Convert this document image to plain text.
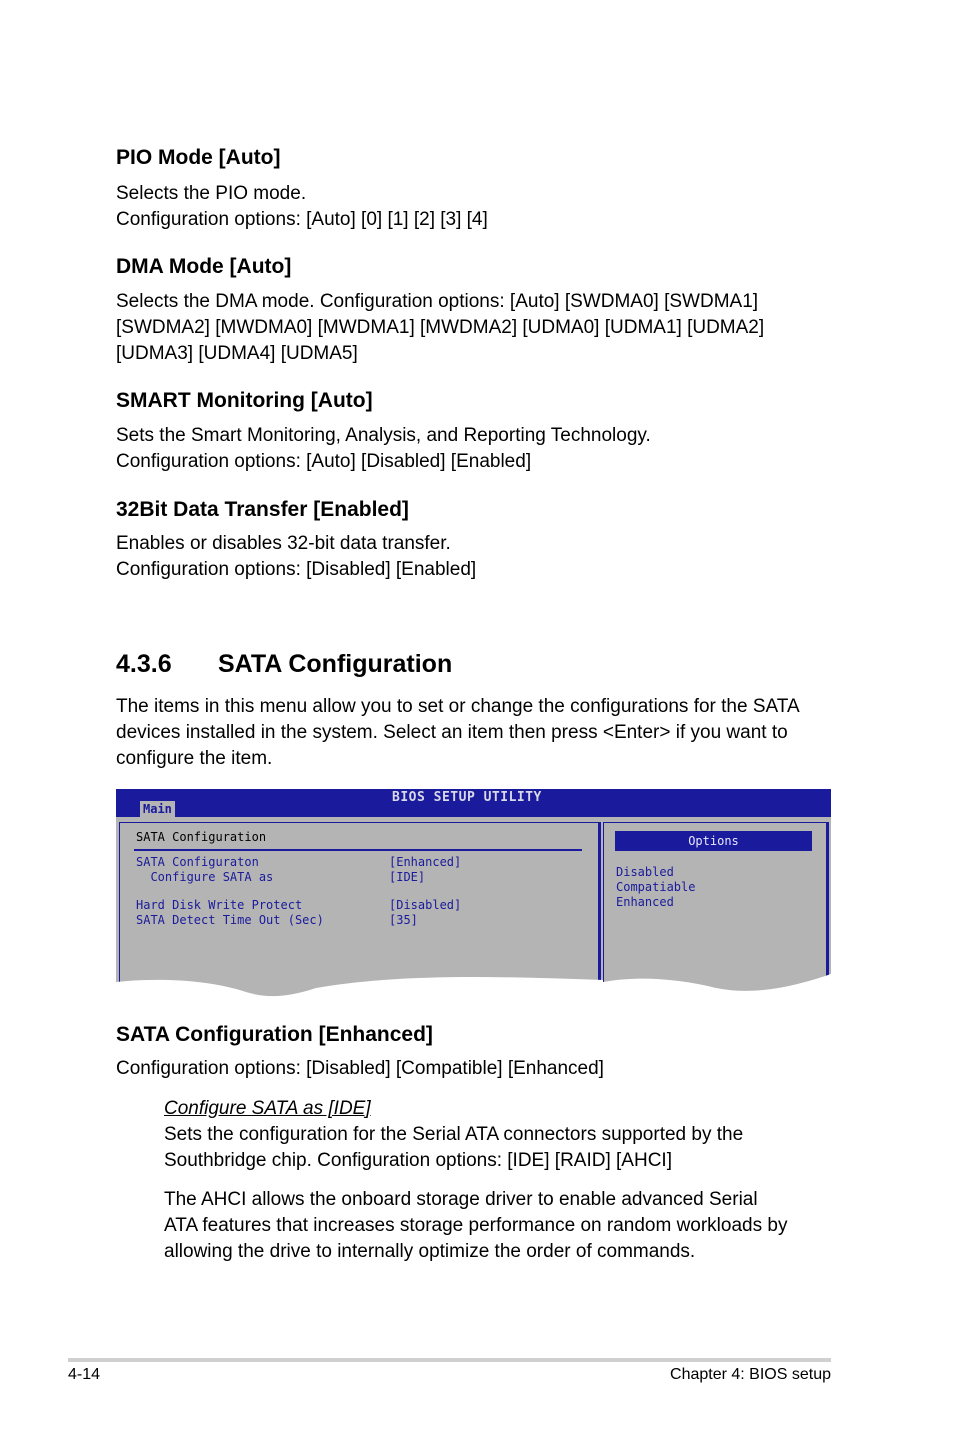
PIO Mode [Auto]

Selects the PIO mode.

Configuration options: [Auto] [0] [1] [2] [3] [4]

DMA Mode [Auto]

Selects the DMA mode. Configuration options: [Auto] [SWDMA0] [SWDMA1]

[SWDMA2] [MWDMA0] [MWDMA1] [MWDMA2] [UDMA0] [UDMA1] [UDMA2]

[UDMA3] [UDMA4] [UDMA5]

SMART Monitoring [Auto]

Sets the Smart Monitoring, Analysis, and Reporting Technology.

Configuration options: [Auto] [Disabled] [Enabled]

32Bit Data Transfer [Enabled]

Enables or disables 32-bit data transfer.

Configuration options: [Disabled] [Enabled]

4.3.6 SATA Configuration

The items in this menu allow you to set or change the configurations for the SATA

devices installed in the system. Select an item then press <Enter> if you want to

configure the item.

BIOS SETUP UTILITY
Main
SATA Configuration
SATA Configuraton	[Enhanced]
Configure SATA as	[IDE]
Hard Disk Write Protect	[Disabled]
SATA Detect Time Out (Sec)	[35]
Options
Disabled
Compatiable
Enhanced
SATA Configuration [Enhanced]

Configuration options: [Disabled] [Compatible] [Enhanced]

Configure SATA as [IDE]

Sets the configuration for the Serial ATA connectors supported by the

Southbridge chip. Configuration options: [IDE] [RAID] [AHCI]

The AHCI allows the onboard storage driver to enable advanced Serial

ATA features that increases storage performance on random workloads by

allowing the drive to internally optimize the order of commands.

4-14	Chapter 4: BIOS setup
